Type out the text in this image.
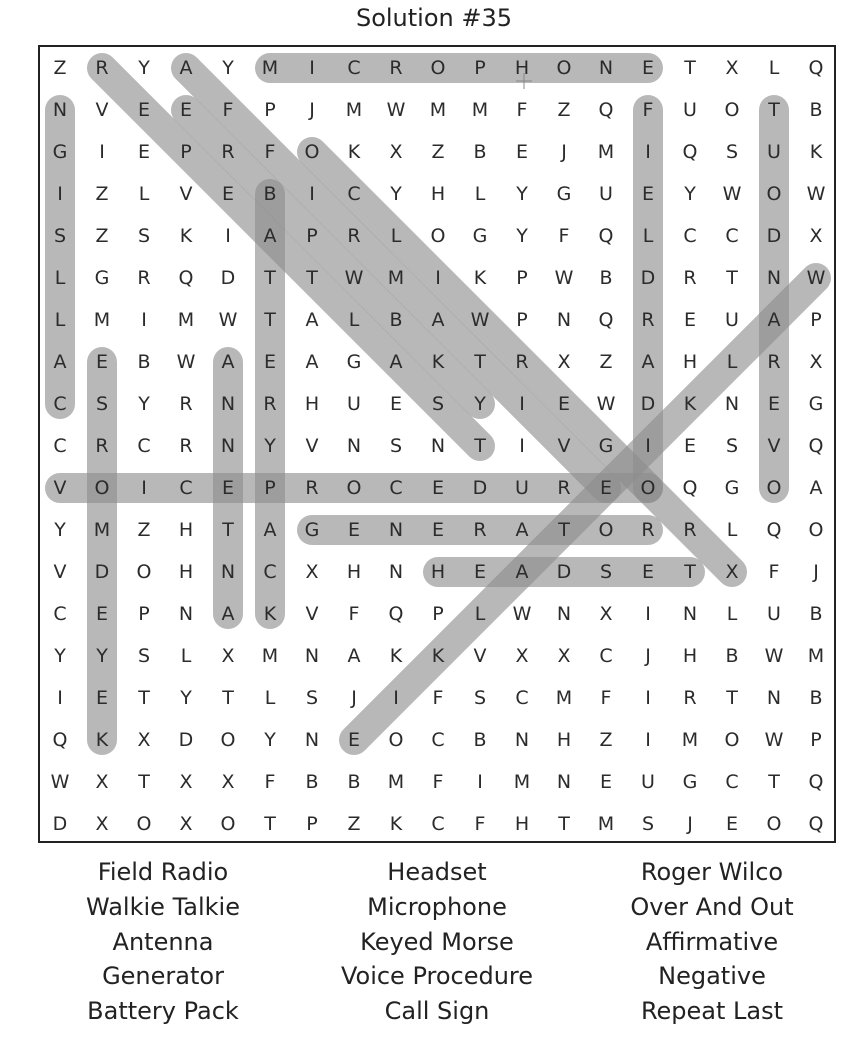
Solution #35
Z R Y A Y M I C R O P H O N E T X L Q
N V E E F P J M W M M F Z Q F U O T B
G I E P R F O K X Z B E J M I Q S U K
I Z L V E B I C Y H L Y G U E Y W O W
S Z S K I A P R L O G Y F Q L C C D X
L G R Q D T T W M I K P W B D R T N W
L M I M W T A L B A W P N Q R E U A P
A E B W A E A G A K T R X Z A H L R X
C S Y R N R H U E S Y I E W D K N E G
C R C R N Y V N S N T I V G I E S V Q
V O I C E P R O C E D U R E O Q G O A
Y M Z H T A G E N E R A T O R R L Q O
V D O H N C X H N H E A D S E T X F J
C E P N A K V F Q P L W N X I N L U B
Y Y S L X M N A K K V X X C J H B W M
I E T Y T L S J I F S C M F I R T N B
Q K X D O Y N E O C B N H Z I M O W P
W X T X X F B B M F I M N E U G C T Q
D X O X O T P Z K C F H T M S J E O Q
Field Radio
Walkie Talkie
Antenna
Generator
Battery Pack
Headset
Microphone
Keyed Morse
Voice Procedure
Call Sign
Roger Wilco
Over And Out
Affirmative
Negative
Repeat Last
